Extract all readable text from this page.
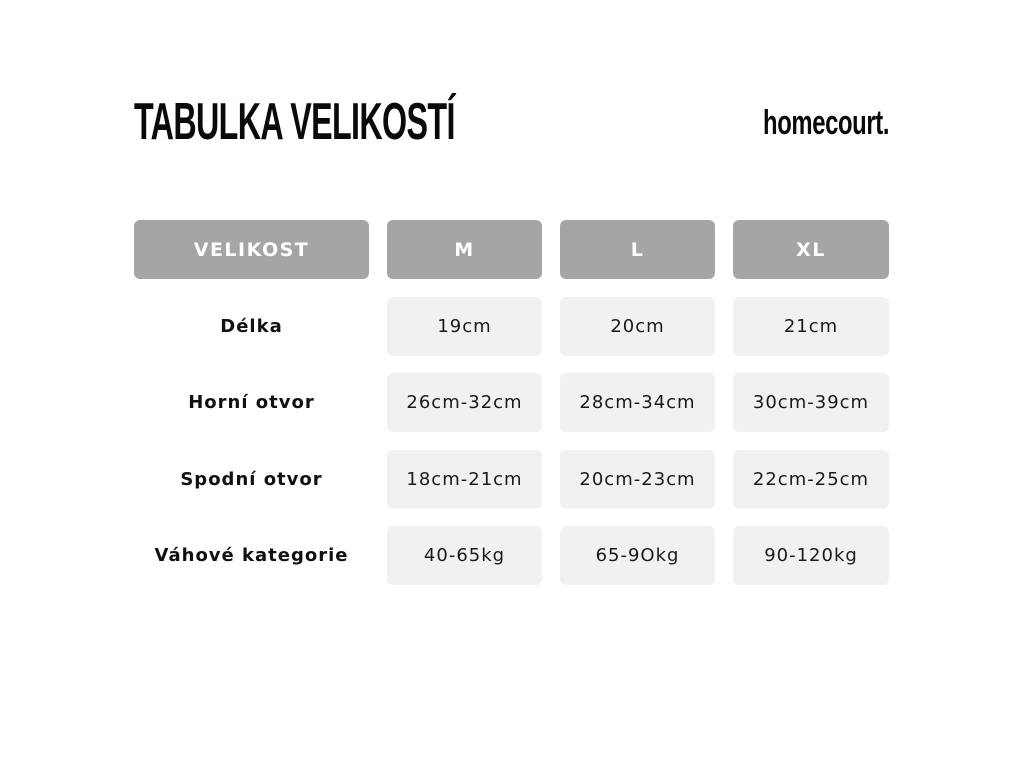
TABULKA VELIKOSTÍ	homecourt.
VELIKOST	M	L	XL
Délka	19cm	20cm	21cm
Horní otvor	26cm-32cm	28cm-34cm	30cm-39cm
Spodní otvor	18cm-21cm	20cm-23cm	22cm-25cm
Váhové kategorie	40-65kg	65-9Okg	90-120kg
